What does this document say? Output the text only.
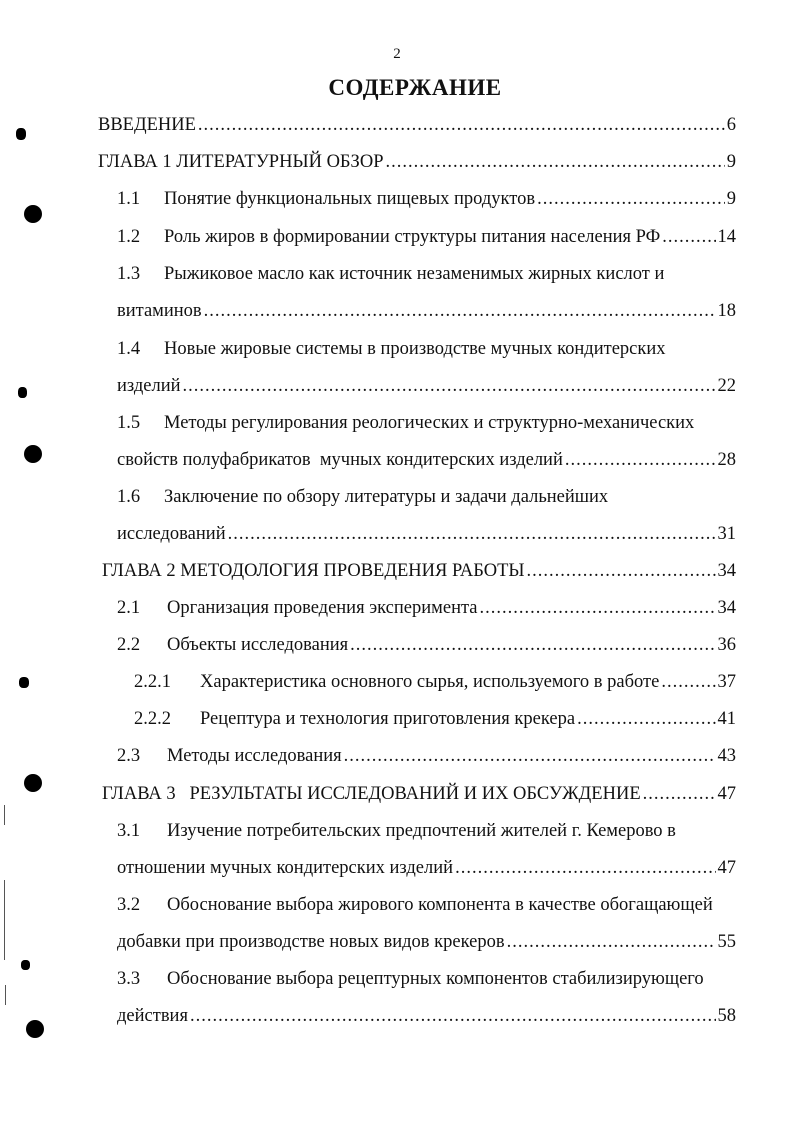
2
СОДЕРЖАНИЕ
ВВЕДЕНИЕ .....	6
ГЛАВА 1 ЛИТЕРАТУРНЫЙ ОБЗОР .....	9
1.1	Понятие функциональных пищевых продуктов .....	9
1.2	Роль жиров в формировании структуры питания населения РФ .....	14
1.3 Рыжиковое масло как источник незаменимых жирных кислот и
витаминов .....	18
1.4 Новые жировые системы в производстве мучных кондитерских
изделий .....	22
1.5 Методы регулирования реологических и структурно-механических
свойств полуфабрикатов  мучных кондитерских изделий .....	28
1.6 Заключение по обзору литературы и задачи дальнейших
исследований .....	31
ГЛАВА 2 МЕТОДОЛОГИЯ ПРОВЕДЕНИЯ РАБОТЫ .....	34
2.1	Организация проведения эксперимента .....	34
2.2	Объекты исследования .....	36
2.2.1	Характеристика основного сырья, используемого в работе .....	37
2.2.2	Рецептура и технология приготовления крекера .....	41
2.3	Методы исследования .....	43
ГЛАВА 3   РЕЗУЛЬТАТЫ ИССЛЕДОВАНИЙ И ИХ ОБСУЖДЕНИЕ .....	47
3.1 Изучение потребительских предпочтений жителей г. Кемерово в
отношении мучных кондитерских изделий .....	47
3.2 Обоснование выбора жирового компонента в качестве обогащающей
добавки при производстве новых видов крекеров .....	55
3.3 Обоснование выбора рецептурных компонентов стабилизирующего
действия .....	58
